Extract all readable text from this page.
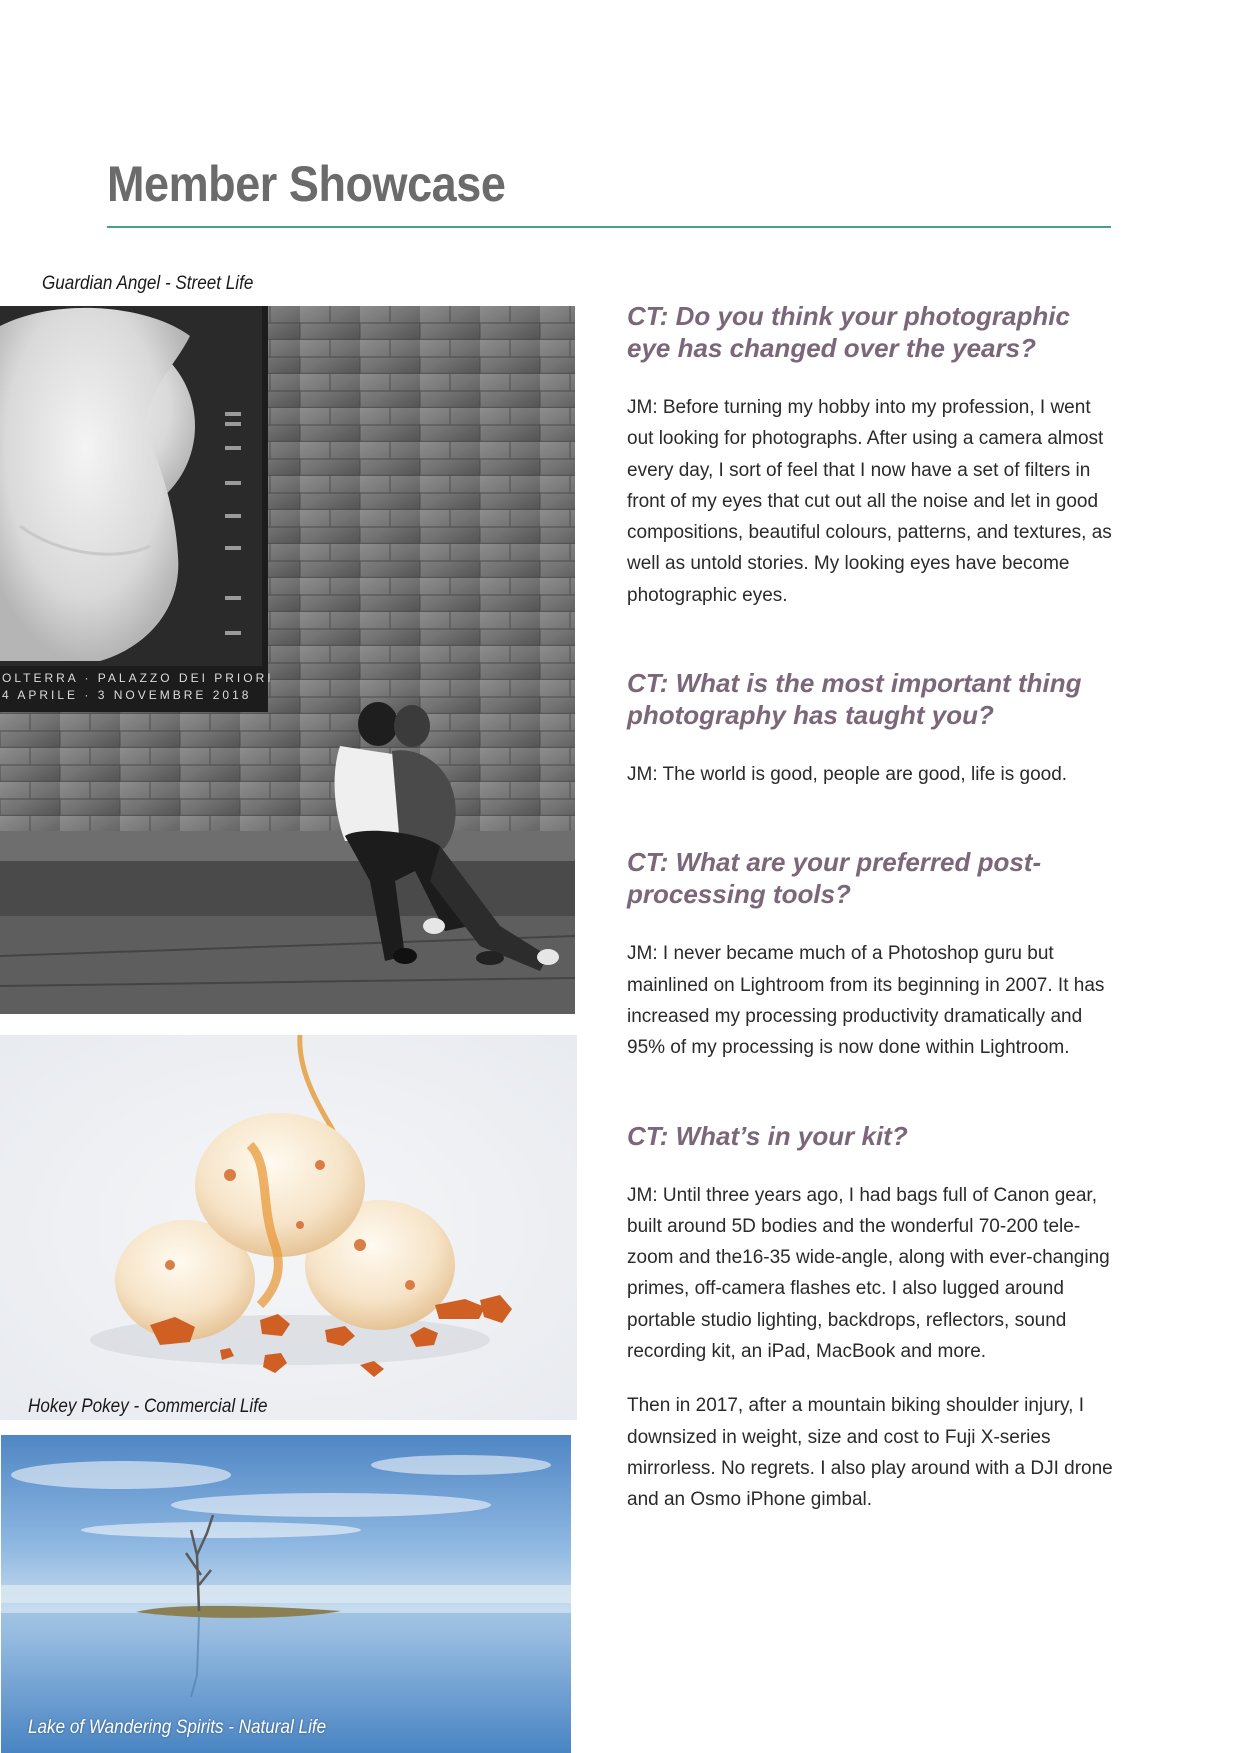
Member Showcase
Guardian Angel - Street Life
OLTERRA · PALAZZO DEI PRIORI
4 APRILE · 3 NOVEMBRE 2018
Hokey Pokey - Commercial Life
Lake of Wandering Spirits - Natural Life
CT: Do you think your photographic eye has changed over the years?

JM: Before turning my hobby into my profession, I went out looking for photographs. After using a camera almost every day, I sort of feel that I now have a set of filters in front of my eyes that cut out all the noise and let in good compositions, beautiful colours, patterns, and textures, as well as untold stories. My looking eyes have become photographic eyes.

CT: What is the most important thing photography has taught you?

JM: The world is good, people are good, life is good.

CT: What are your preferred post-processing tools?

JM: I never became much of a Photoshop guru but mainlined on Lightroom from its beginning in 2007. It has increased my processing productivity dramatically and 95% of my processing is now done within Lightroom.

CT: What’s in your kit?

JM: Until three years ago, I had bags full of Canon gear, built around 5D bodies and the wonderful 70-200 tele-zoom and the16-35 wide-angle, along with ever-changing primes, off-camera flashes etc. I also lugged around portable studio lighting, backdrops, reflectors, sound recording kit, an iPad, MacBook and more.

Then in 2017, after a mountain biking shoulder injury, I downsized in weight, size and cost to Fuji X-series mirrorless. No regrets. I also play around with a DJI drone and an Osmo iPhone gimbal.
